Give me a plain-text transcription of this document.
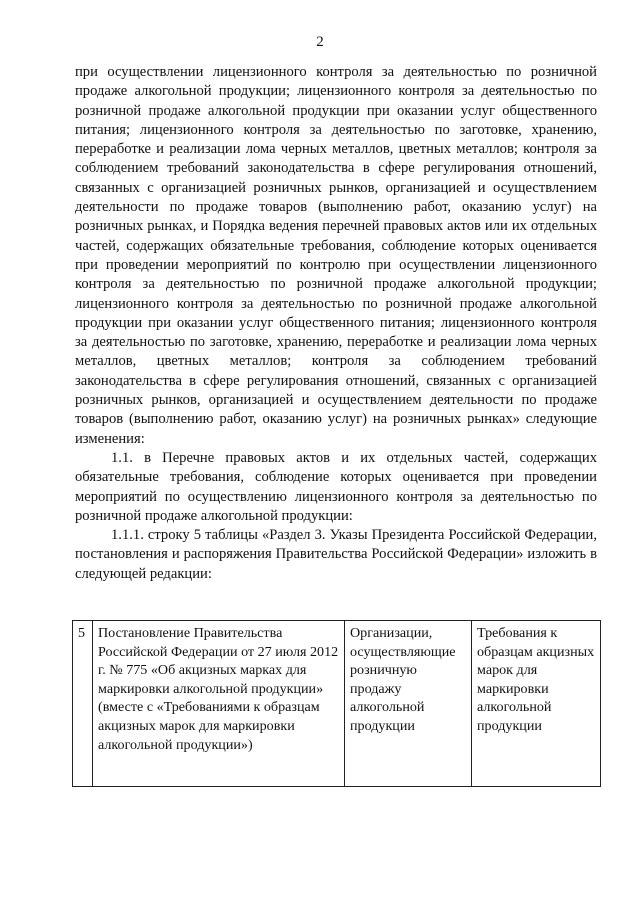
2

при осуществлении лицензионного контроля за деятельностью по розничной продаже алкогольной продукции; лицензионного контроля за деятельностью по розничной продаже алкогольной продукции при оказании услуг общественного питания; лицензионного контроля за деятельностью по заготовке, хранению, переработке и реализации лома черных металлов, цветных металлов; контроля за соблюдением требований законодательства в сфере регулирования отношений, связанных с организацией розничных рынков, организацией и осуществлением деятельности по продаже товаров (выполнению работ, оказанию услуг) на розничных рынках, и Порядка ведения перечней правовых актов или их отдельных частей, содержащих обязательные требования, соблюдение которых оценивается при проведении мероприятий по контролю при осуществлении лицензионного контроля за деятельностью по розничной продаже алкогольной продукции; лицензионного контроля за деятельностью по розничной продаже алкогольной продукции при оказании услуг общественного питания; лицензионного контроля за деятельностью по заготовке, хранению, переработке и реализации лома черных металлов, цветных металлов; контроля за соблюдением требований законодательства в сфере регулирования отношений, связанных с организацией розничных рынков, организацией и осуществлением деятельности по продаже товаров (выполнению работ, оказанию услуг) на розничных рынках» следующие изменения:

1.1. в Перечне правовых актов и их отдельных частей, содержащих обязательные требования, соблюдение которых оценивается при проведении мероприятий по осуществлению лицензионного контроля за деятельностью по розничной продаже алкогольной продукции:

1.1.1. строку 5 таблицы «Раздел 3. Указы Президента Российской Федерации, постановления и распоряжения Правительства Российской Федерации» изложить в следующей редакции:

5	Постановление Правительства Российской Федерации от 27 июля 2012 г. № 775 «Об акцизных марках для маркировки алкогольной продукции» (вместе с «Требованиями к образцам акцизных марок для маркировки алкогольной продукции»)	Организации, осуществляющие розничную продажу алкогольной продукции	Требования к образцам акцизных марок для маркировки алкогольной продукции
